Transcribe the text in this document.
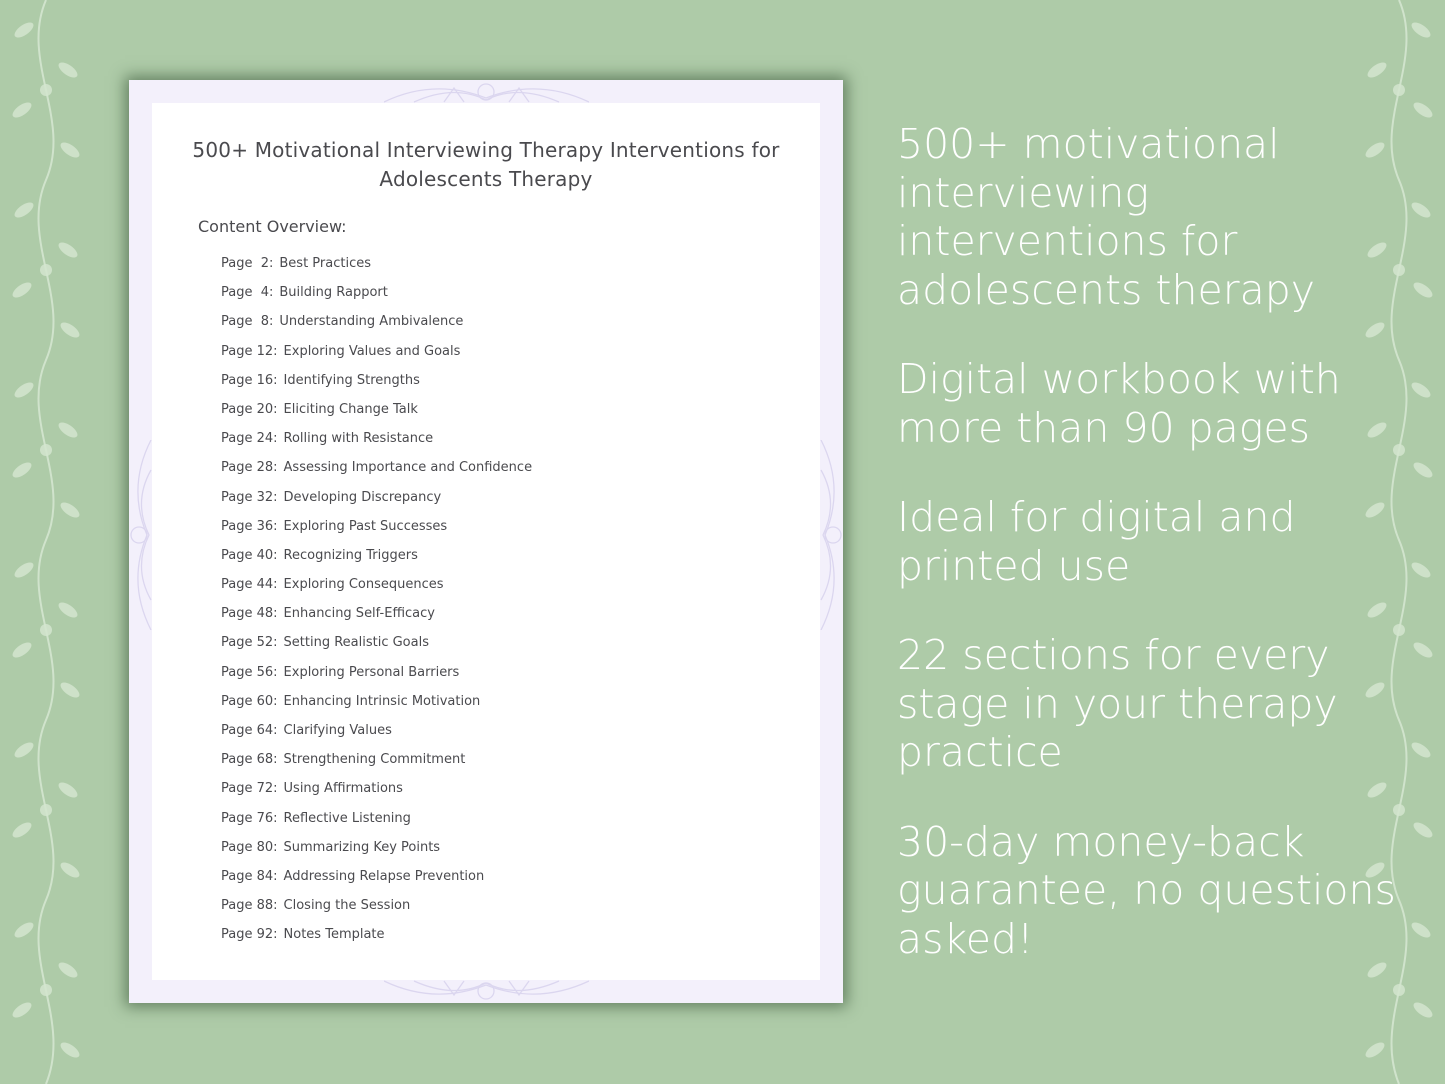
500+ Motivational Interviewing Therapy Interventions for
Adolescents Therapy
Content Overview:
Page  2: Best Practices
Page  4: Building Rapport
Page  8: Understanding Ambivalence
Page 12: Exploring Values and Goals
Page 16: Identifying Strengths
Page 20: Eliciting Change Talk
Page 24: Rolling with Resistance
Page 28: Assessing Importance and Confidence
Page 32: Developing Discrepancy
Page 36: Exploring Past Successes
Page 40: Recognizing Triggers
Page 44: Exploring Consequences
Page 48: Enhancing Self-Efficacy
Page 52: Setting Realistic Goals
Page 56: Exploring Personal Barriers
Page 60: Enhancing Intrinsic Motivation
Page 64: Clarifying Values
Page 68: Strengthening Commitment
Page 72: Using Affirmations
Page 76: Reflective Listening
Page 80: Summarizing Key Points
Page 84: Addressing Relapse Prevention
Page 88: Closing the Session
Page 92: Notes Template

500+ motivational interviewing interventions for adolescents therapy

Digital workbook with more than 90 pages

Ideal for digital and printed use

22 sections for every stage in your therapy practice

30-day money-back guarantee, no questions asked!
